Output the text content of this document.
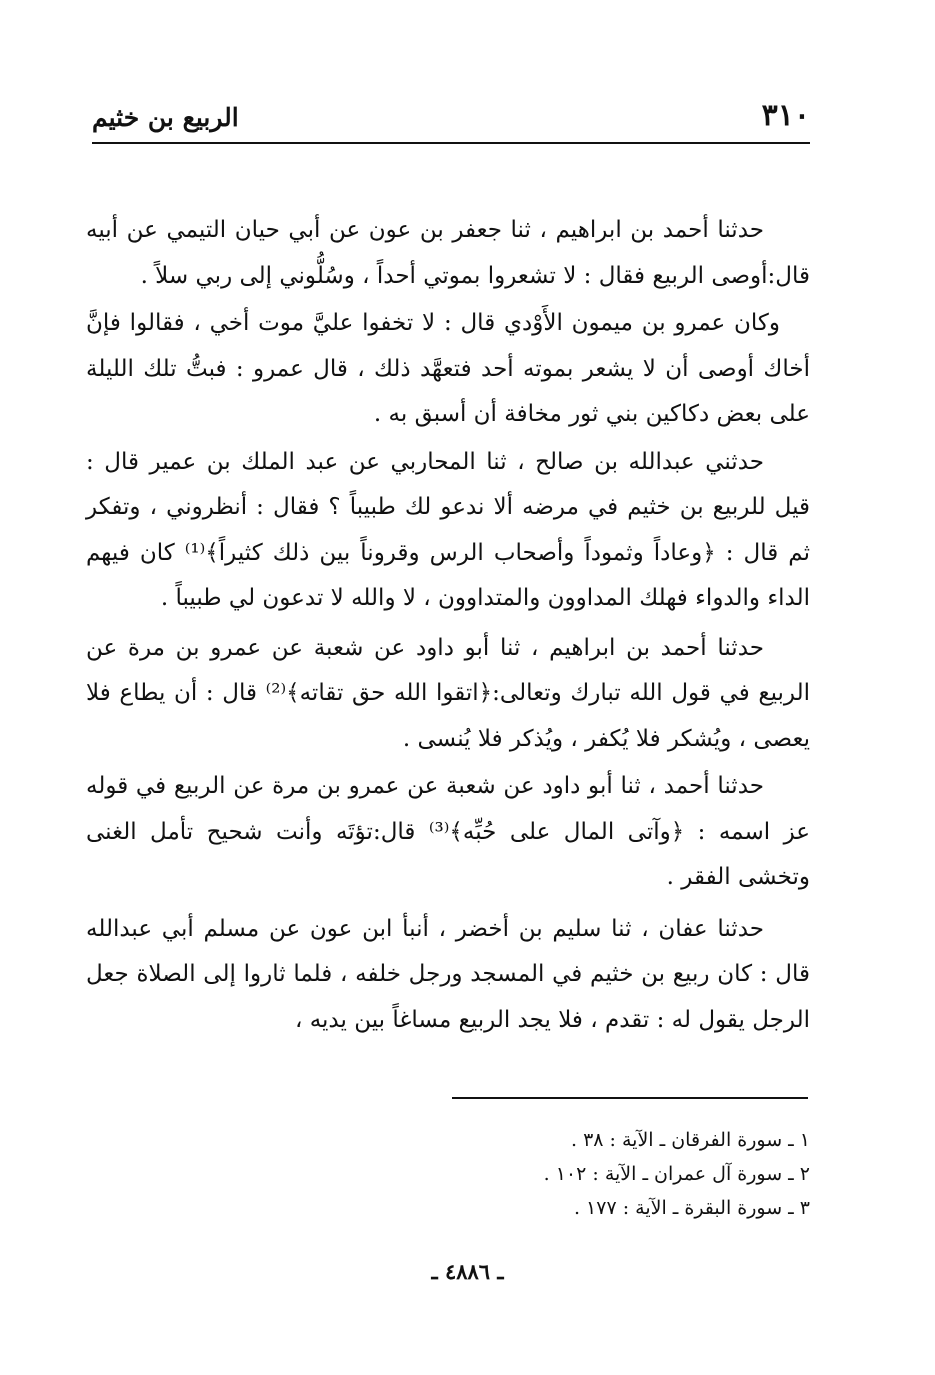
٣١٠
الربيع بن خثيم

حدثنا أحمد بن ابراهيم ، ثنا جعفر بن عون عن أبي حيان التيمي عن أبيه قال:أوصى الربيع فقال : لا تشعروا بموتي أحداً ، وسُلُّوني إلى ربي سلاً .

وكان عمرو بن ميمون الأَوْدي قال : لا تخفوا عليَّ موت أخي ، فقالوا فإنَّ أخاك أوصى أن لا يشعر بموته أحد فتعهَّد ذلك ، قال عمرو : فبتُّ تلك الليلة على بعض دكاكين بني ثور مخافة أن أسبق به .

حدثني عبدالله بن صالح ، ثنا المحاربي عن عبد الملك بن عمير قال : قيل للربيع بن خثيم في مرضه ألا ندعو لك طبيباً ؟ فقال : أنظروني ، وتفكر ثم قال : ﴿وعاداً وثموداً وأصحاب الرس وقروناً بين ذلك كثيراً﴾⁽¹⁾ كان فيهم الداء والدواء فهلك المداوون والمتداوون ، لا والله لا تدعون لي طبيباً .

حدثنا أحمد بن ابراهيم ، ثنا أبو داود عن شعبة عن عمرو بن مرة عن الربيع في قول الله تبارك وتعالى:﴿اتقوا الله حق تقاته﴾⁽²⁾ قال : أن يطاع فلا يعصى ، ويُشكر فلا يُكفر ، ويُذكر فلا يُنسى .

حدثنا أحمد ، ثنا أبو داود عن شعبة عن عمرو بن مرة عن الربيع في قوله عز اسمه : ﴿وآتى المال على حُبِّه﴾⁽³⁾ قال:تؤتَه وأنت شحيح تأمل الغنى وتخشى الفقر .

حدثنا عفان ، ثنا سليم بن أخضر ، أنبأ ابن عون عن مسلم أبي عبدالله قال : كان ربيع بن خثيم في المسجد ورجل خلفه ، فلما ثاروا إلى الصلاة جعل الرجل يقول له : تقدم ، فلا يجد الربيع مساغاً بين يديه ،

١ ـ سورة الفرقان ـ الآية : ٣٨ .
٢ ـ سورة آل عمران ـ الآية : ١٠٢ .
٣ ـ سورة البقرة ـ الآية : ١٧٧ .
ـ ٤٨٨٦ ـ
